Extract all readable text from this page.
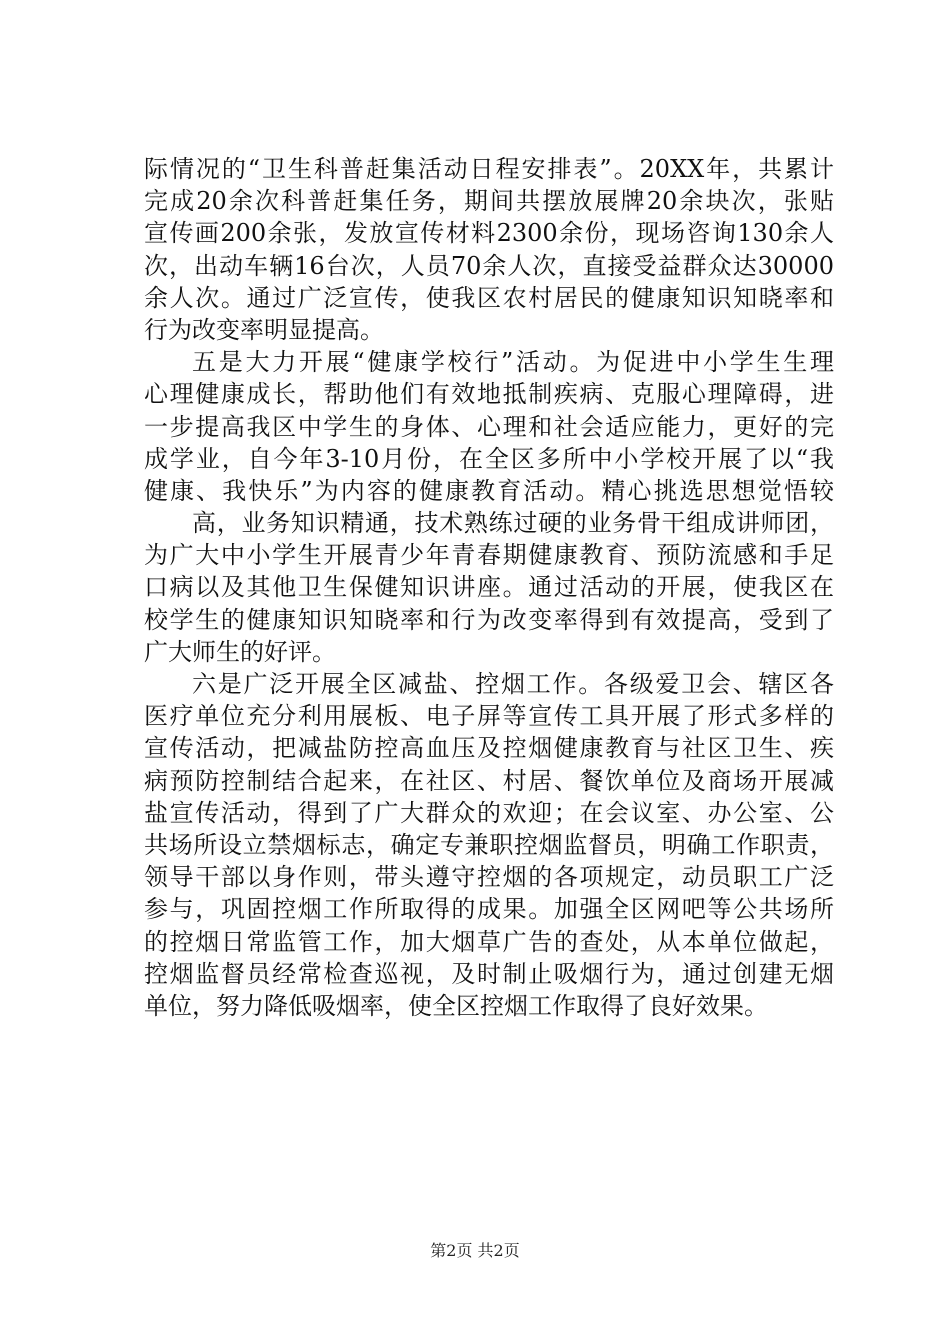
际情况的“卫生科普赶集活动日程安排表”。20XX年，共累计
完成20余次科普赶集任务，期间共摆放展牌20余块次，张贴
宣传画200余张，发放宣传材料2300余份，现场咨询130余人
次，出动车辆16台次，人员70余人次，直接受益群众达30000
余人次。通过广泛宣传，使我区农村居民的健康知识知晓率和
行为改变率明显提高。
五是大力开展“健康学校行”活动。为促进中小学生生理
心理健康成长，帮助他们有效地抵制疾病、克服心理障碍，进
一步提高我区中学生的身体、心理和社会适应能力，更好的完
成学业，自今年3-10月份，在全区多所中小学校开展了以“我
健康、我快乐”为内容的健康教育活动。精心挑选思想觉悟较
高，业务知识精通，技术熟练过硬的业务骨干组成讲师团，
为广大中小学生开展青少年青春期健康教育、预防流感和手足
口病以及其他卫生保健知识讲座。通过活动的开展，使我区在
校学生的健康知识知晓率和行为改变率得到有效提高，受到了
广大师生的好评。
六是广泛开展全区减盐、控烟工作。各级爱卫会、辖区各
医疗单位充分利用展板、电子屏等宣传工具开展了形式多样的
宣传活动，把减盐防控高血压及控烟健康教育与社区卫生、疾
病预防控制结合起来，在社区、村居、餐饮单位及商场开展减
盐宣传活动，得到了广大群众的欢迎；在会议室、办公室、公
共场所设立禁烟标志，确定专兼职控烟监督员，明确工作职责，
领导干部以身作则，带头遵守控烟的各项规定，动员职工广泛
参与，巩固控烟工作所取得的成果。加强全区网吧等公共场所
的控烟日常监管工作，加大烟草广告的查处，从本单位做起，
控烟监督员经常检查巡视，及时制止吸烟行为，通过创建无烟
单位，努力降低吸烟率，使全区控烟工作取得了良好效果。
第2页 共2页
